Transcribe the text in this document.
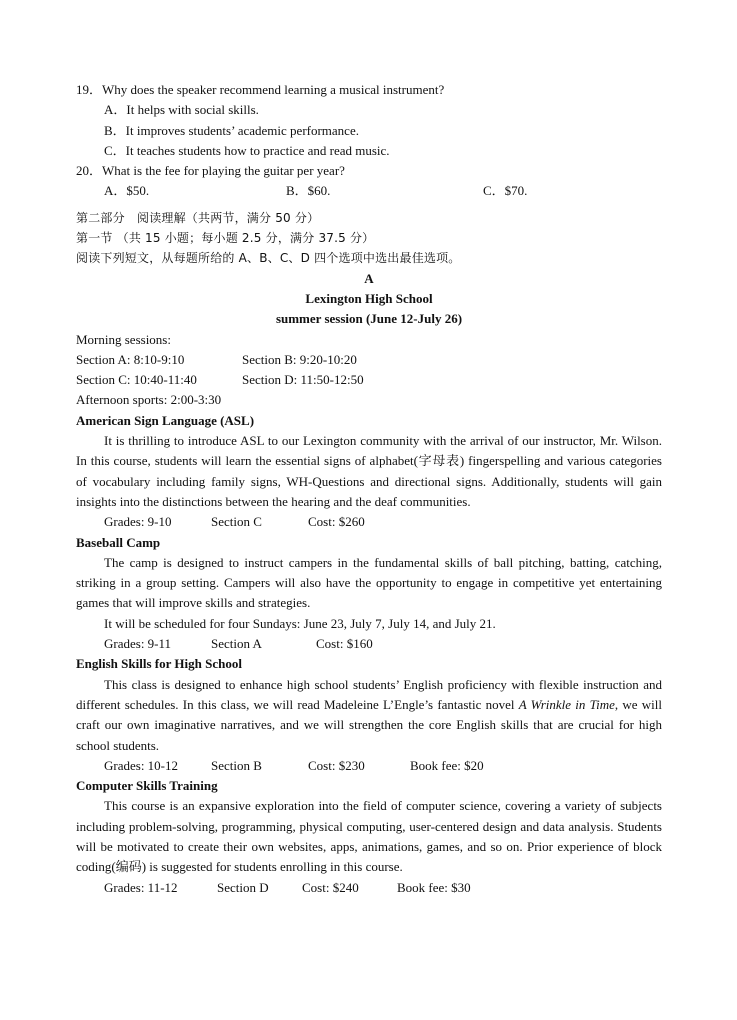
19．Why does the speaker recommend learning a musical instrument?
A．It helps with social skills.
B．It improves students’ academic performance.
C．It teaches students how to practice and read music.
20．What is the fee for playing the guitar per year?
A．$50.	B．$60.	C．$70.
第二部分　阅读理解（共两节，满分 50 分）
第一节 （共 15 小题；每小题 2.5 分，满分 37.5 分）
阅读下列短文，从每题所给的 A、B、C、D 四个选项中选出最佳选项。
A
Lexington High School
summer session (June 12-July 26)
Morning sessions:
Section A: 8:10-9:10	Section B: 9:20-10:20
Section C: 10:40-11:40	Section D: 11:50-12:50
Afternoon sports: 2:00-3:30
American Sign Language (ASL)

It is thrilling to introduce ASL to our Lexington community with the arrival of our instructor, Mr. Wilson. In this course, students will learn the essential signs of alphabet(字母表) fingerspelling and various categories of vocabulary including family signs, WH-Questions and directional signs. Additionally, students will gain insights into the distinctions between the hearing and the deaf communities.

Grades: 9-10	Section C	Cost: $260
Baseball Camp

The camp is designed to instruct campers in the fundamental skills of ball pitching, batting, catching, striking in a group setting. Campers will also have the opportunity to engage in competitive yet entertaining games that will improve skills and strategies.

It will be scheduled for four Sundays: June 23, July 7, July 14, and July 21.

Grades: 9-11	Section A	Cost: $160
English Skills for High School

This class is designed to enhance high school students’ English proficiency with flexible instruction and different schedules. In this class, we will read Madeleine L’Engle’s fantastic novel A Wrinkle in Time, we will craft our own imaginative narratives, and we will strengthen the core English skills that are crucial for high school students.

Grades: 10-12	Section B	Cost: $230	Book fee: $20
Computer Skills Training

This course is an expansive exploration into the field of computer science, covering a variety of subjects including problem-solving, programming, physical computing, user-centered design and data analysis. Students will be motivated to create their own websites, apps, animations, games, and so on. Prior experience of block coding(编码) is suggested for students enrolling in this course.

Grades: 11-12	Section D	Cost: $240	Book fee: $30
